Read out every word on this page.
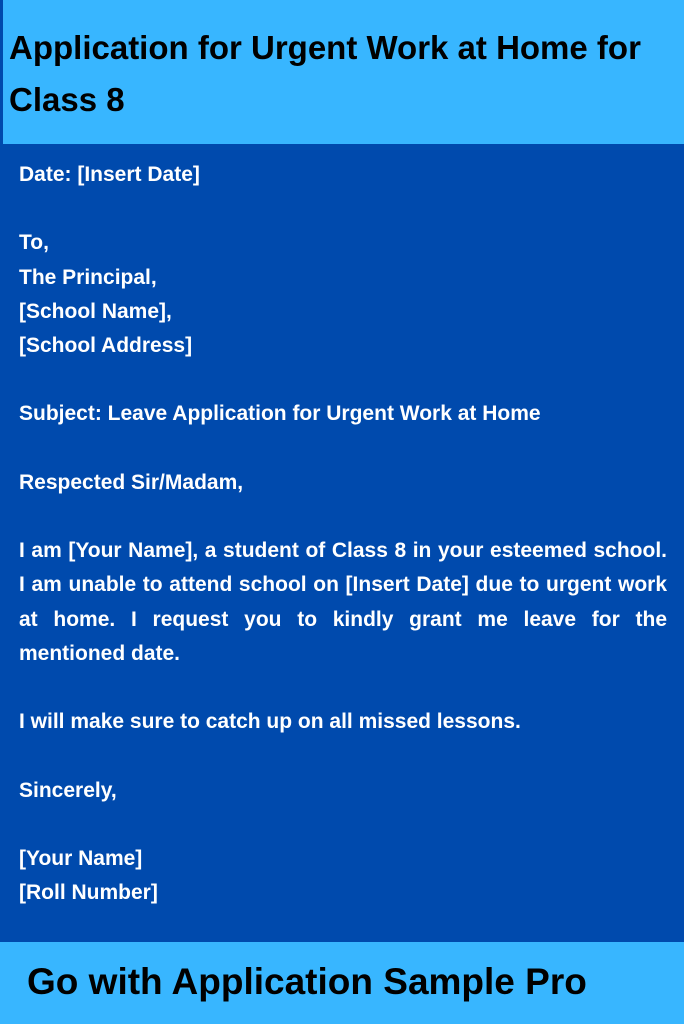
Application for Urgent Work at Home for Class 8

Date: [Insert Date]

To,

The Principal,

[School Name],

[School Address]

Subject: Leave Application for Urgent Work at Home

Respected Sir/Madam,

I am [Your Name], a student of Class 8 in your esteemed school. I am unable to attend school on [Insert Date] due to urgent work at home. I request you to kindly grant me leave for the mentioned date.

I will make sure to catch up on all missed lessons.

Sincerely,

[Your Name]

[Roll Number]

Go with Application Sample Pro
